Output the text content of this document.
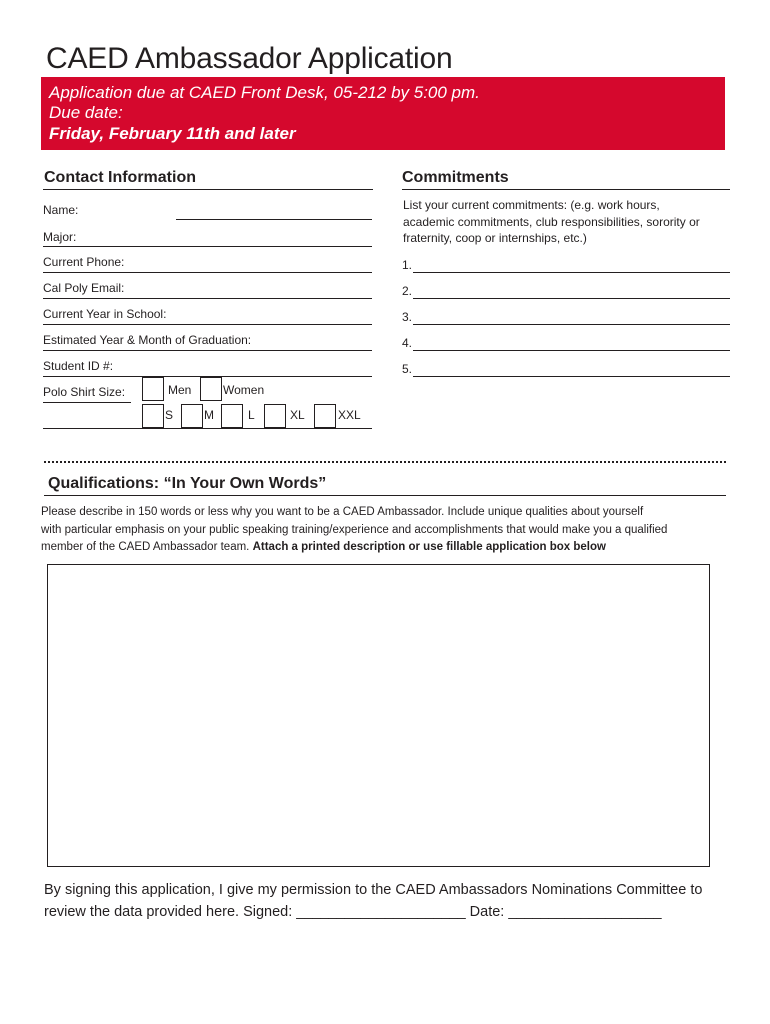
CAED Ambassador Application
Application due at CAED Front Desk, 05-212 by 5:00 pm.
Due date:
Friday, February 11th and later
Contact Information
Name:
Major:
Current Phone:
Cal Poly Email:
Current Year in School:
Estimated Year & Month of Graduation:
Student ID #:
Polo Shirt Size:	Men	Women
S	M	L	XL	XXL
Commitments
List your current commitments: (e.g. work hours,
academic commitments, club responsibilities, sorority or
fraternity, coop or internships, etc.)
1.
2.
3.
4.
5.
Qualifications: “In Your Own Words”
Please describe in 150 words or less why you want to be a CAED Ambassador. Include unique qualities about yourself
with particular emphasis on your public speaking training/experience and accomplishments that would make you a qualified
member of the CAED Ambassador team. Attach a printed description or use fillable application box below
By signing this application, I give my permission to the CAED Ambassadors Nominations Committee to
review the data provided here. Signed: _____________________ Date: ___________________
